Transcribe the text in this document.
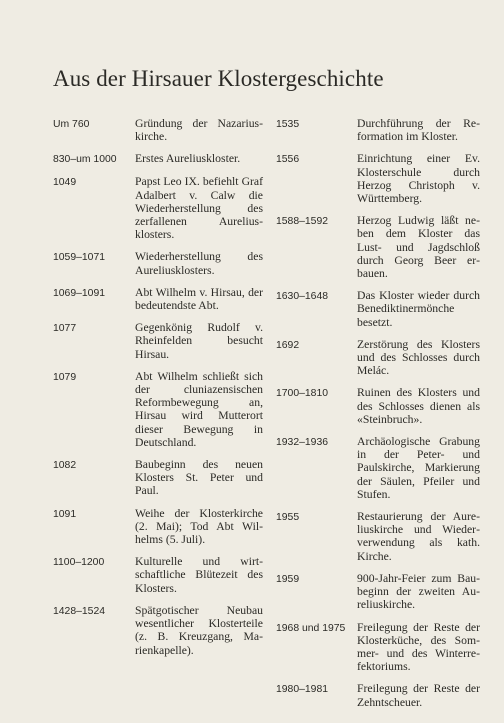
Aus der Hirsauer Klostergeschichte
Um 760	Gründung der Nazariuskirche.
830–um 1000	Erstes Aureliuskloster.
1049	Papst Leo IX. befiehlt Graf Adalbert v. Calw die Wiederherstellung des zerfallenen Aureliusklosters.
1059–1071	Wiederherstellung des Aureliusklosters.
1069–1091	Abt Wilhelm v. Hirsau, der bedeutendste Abt.
1077	Gegenkönig Rudolf v. Rheinfelden besucht Hirsau.
1079	Abt Wilhelm schließt sich der cluniazensischen Reformbewegung an, Hirsau wird Mutterort dieser Bewegung in Deutschland.
1082	Baubeginn des neuen Klosters St. Peter und Paul.
1091	Weihe der Klosterkirche (2. Mai); Tod Abt Wilhelms (5. Juli).
1100–1200	Kulturelle und wirtschaftliche Blütezeit des Klosters.
1428–1524	Spätgotischer Neubau wesentlicher Klosterteile (z. B. Kreuzgang, Marienkapelle).
1535	Durchführung der Reformation im Kloster.
1556	Einrichtung einer Ev. Klosterschule durch Herzog Christoph v. Württemberg.
1588–1592	Herzog Ludwig läßt neben dem Kloster das Lust- und Jagdschloß durch Georg Beer erbauen.
1630–1648	Das Kloster wieder durch Benediktinermönche besetzt.
1692	Zerstörung des Klosters und des Schlosses durch Melác.
1700–1810	Ruinen des Klosters und des Schlosses dienen als «Steinbruch».
1932–1936	Archäologische Grabung in der Peter- und Paulskirche, Markierung der Säulen, Pfeiler und Stufen.
1955	Restaurierung der Aureliuskirche und Wiederverwendung als kath. Kirche.
1959	900-Jahr-Feier zum Baubeginn der zweiten Aureliuskirche.
1968 und 1975 Freilegung der Reste der Klosterküche, des Sommer- und des Winterrefektoriums.
1980–1981	Freilegung der Reste der Zehntscheuer.
